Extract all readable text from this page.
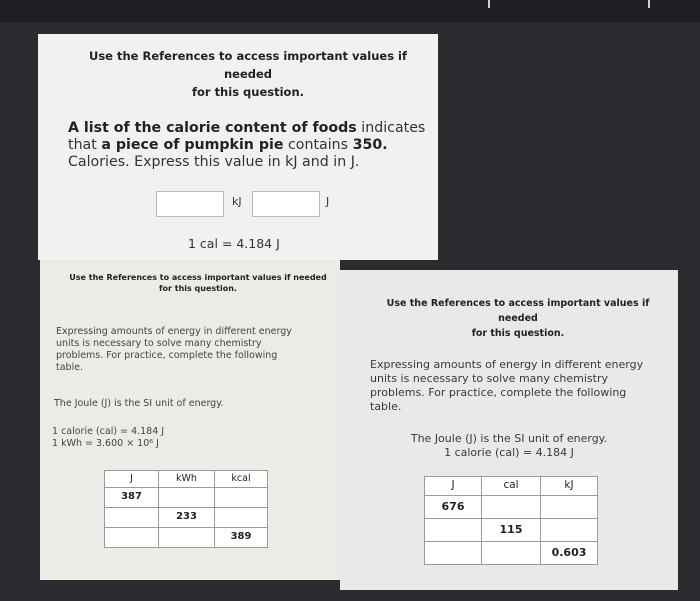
Use the References to access important values if needed
for this question.
A list of the calorie content of foods indicates that a piece of pumpkin pie contains 350. Calories. Express this value in kJ and in J.
kJ	J
1 cal = 4.184 J
Use the References to access important values if needed
for this question.
Expressing amounts of energy in different energy
units is necessary to solve many chemistry
problems. For practice, complete the following
table.
The Joule (J) is the SI unit of energy.
1 calorie (cal) = 4.184 J
1 kWh = 3.600 × 10⁶ J
J	kWh	kcal

387		

	233	

		389
Use the References to access important values if needed
for this question.
Expressing amounts of energy in different energy
units is necessary to solve many chemistry
problems. For practice, complete the following
table.
The Joule (J) is the SI unit of energy.
1 calorie (cal) = 4.184 J
J	cal	kJ

676		

	115	

		0.603
